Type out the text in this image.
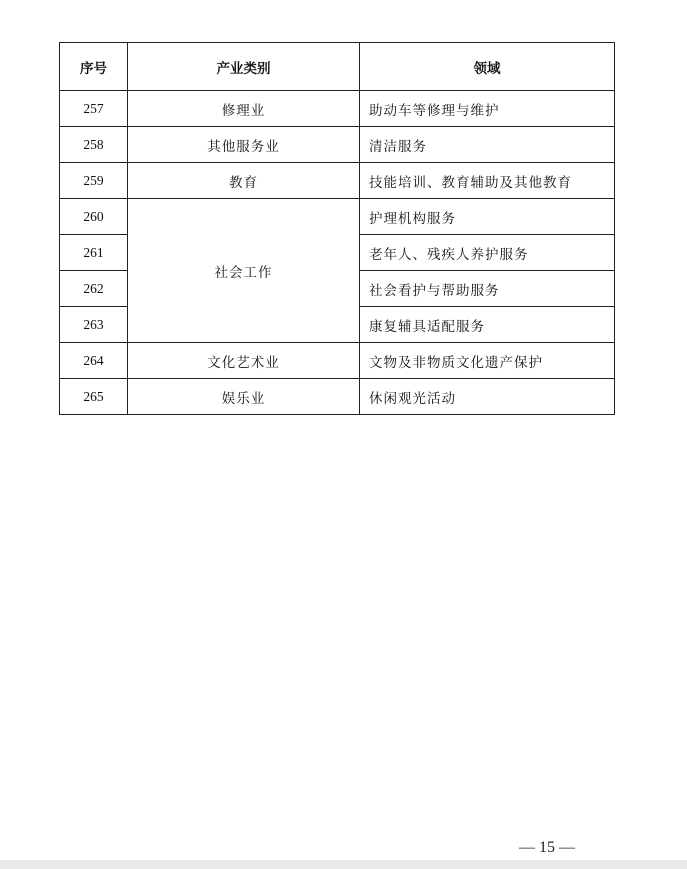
序号	产业类别	领域
257	修理业	助动车等修理与维护
258	其他服务业	清洁服务
259	教育	技能培训、教育辅助及其他教育
260	社会工作	护理机构服务
261		老年人、残疾人养护服务
262		社会看护与帮助服务
263		康复辅具适配服务
264	文化艺术业	文物及非物质文化遗产保护
265	娱乐业	休闲观光活动
— 15 —
